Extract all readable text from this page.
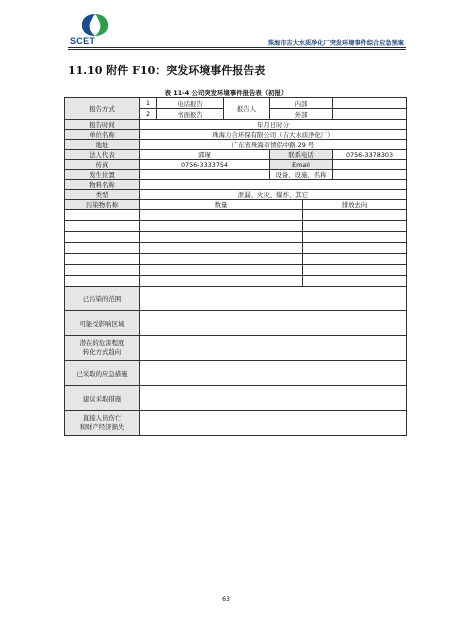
SCET	珠海市吉大水质净化厂突发环境事件综合应急预案
11.10 附件 F10：突发环境事件报告表
表 11-4 公司突发环境事件报告表（初报）
报告方式	1	电话报告	报告人	内部		
	2	书面报告		外部		
报告时间	年月日时分					
单位名称	珠海力合环保有限公司（吉大水质净化厂）					
地址	广东省珠海市情侣中路 29 号					
法人代表	郭瑾			联系电话		0756-3378303
传真	0756-3333754			Email		
发生位置				设备、设施、名称		
物料名称						
类型	泄漏、火灾、爆炸、其它					
污染物名称	数量				排放去向	

已污染的范围						
可能受影响区域						
潜在的危害程度
转化方式趋向						
已采取的应急措施						
建议采取措施						
直接人员伤亡
和财产经济损失						
63
